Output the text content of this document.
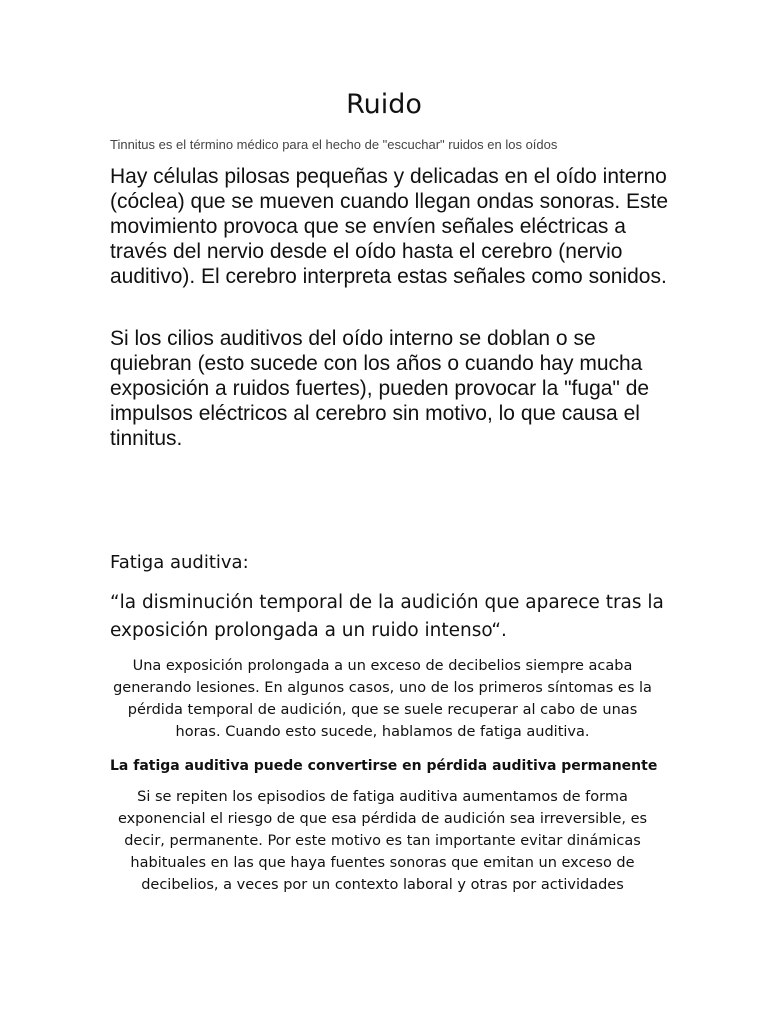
Ruido
Tinnitus es el término médico para el hecho de "escuchar" ruidos en los oídos
Hay células pilosas pequeñas y delicadas en el oído interno (cóclea) que se mueven cuando llegan ondas sonoras. Este movimiento provoca que se envíen señales eléctricas a través del nervio desde el oído hasta el cerebro (nervio auditivo). El cerebro interpreta estas señales como sonidos.
Si los cilios auditivos del oído interno se doblan o se quiebran (esto sucede con los años o cuando hay mucha exposición a ruidos fuertes), pueden provocar la "fuga" de impulsos eléctricos al cerebro sin motivo, lo que causa el tinnitus.
Fatiga auditiva:
“la disminución temporal de la audición que aparece tras la exposición prolongada a un ruido intenso“.
Una exposición prolongada a un exceso de decibelios siempre acaba generando lesiones. En algunos casos, uno de los primeros síntomas es la pérdida temporal de audición, que se suele recuperar al cabo de unas horas. Cuando esto sucede, hablamos de fatiga auditiva.
La fatiga auditiva puede convertirse en pérdida auditiva permanente
Si se repiten los episodios de fatiga auditiva aumentamos de forma exponencial el riesgo de que esa pérdida de audición sea irreversible, es decir, permanente. Por este motivo es tan importante evitar dinámicas habituales en las que haya fuentes sonoras que emitan un exceso de decibelios, a veces por un contexto laboral y otras por actividades
